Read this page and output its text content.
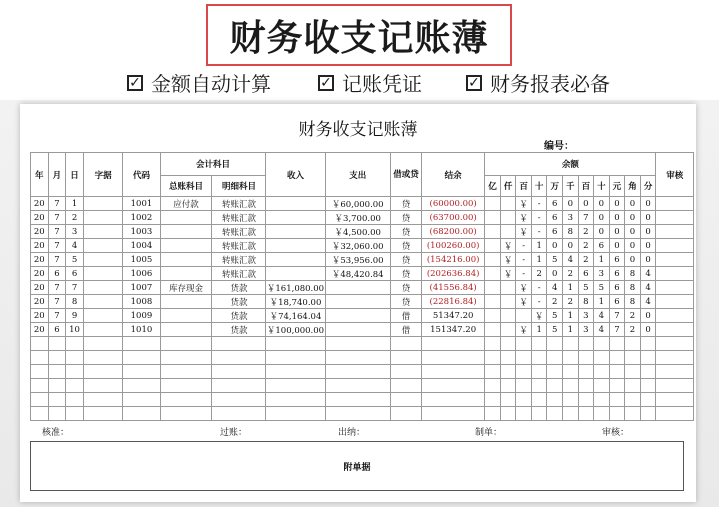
财务收支记账薄
✓ 金额自动计算	✓ 记账凭证	✓ 财务报表必备
财务收支记账薄
编号：
年	月	日	字据	代码	会计科目		收入	支出	借或贷	结余	余额											审核
					总账科目	明细科目					亿	仟	百	十	万	千	百	十	元	角	分	
20	7	1		1001	应付款	转账汇款		￥60,000.00	贷	(60000.00)			￥	-	6	0	0	0	0	0	0	
20	7	2		1002		转账汇款		￥3,700.00	贷	(63700.00)			￥	-	6	3	7	0	0	0	0	
20	7	3		1003		转账汇款		￥4,500.00	贷	(68200.00)			￥	-	6	8	2	0	0	0	0	
20	7	4		1004		转账汇款		￥32,060.00	贷	(100260.00)		￥	-	1	0	0	2	6	0	0	0	
20	7	5		1005		转账汇款		￥53,956.00	贷	(154216.00)		￥	-	1	5	4	2	1	6	0	0	
20	6	6		1006		转账汇款		￥48,420.84	贷	(202636.84)		￥	-	2	0	2	6	3	6	8	4	
20	7	7		1007	库存现金	货款	￥161,080.00		贷	(41556.84)			￥	-	4	1	5	5	6	8	4	
20	7	8		1008		货款	￥18,740.00		贷	(22816.84)			￥	-	2	2	8	1	6	8	4	
20	7	9		1009		货款	￥74,164.04		借	51347.20				￥	5	1	3	4	7	2	0	
20	6	10		1010		货款	￥100,000.00		借	151347.20			￥	1	5	1	3	4	7	2	0	

核准：	过账：	出纳：	制单：	审核：
附单据
